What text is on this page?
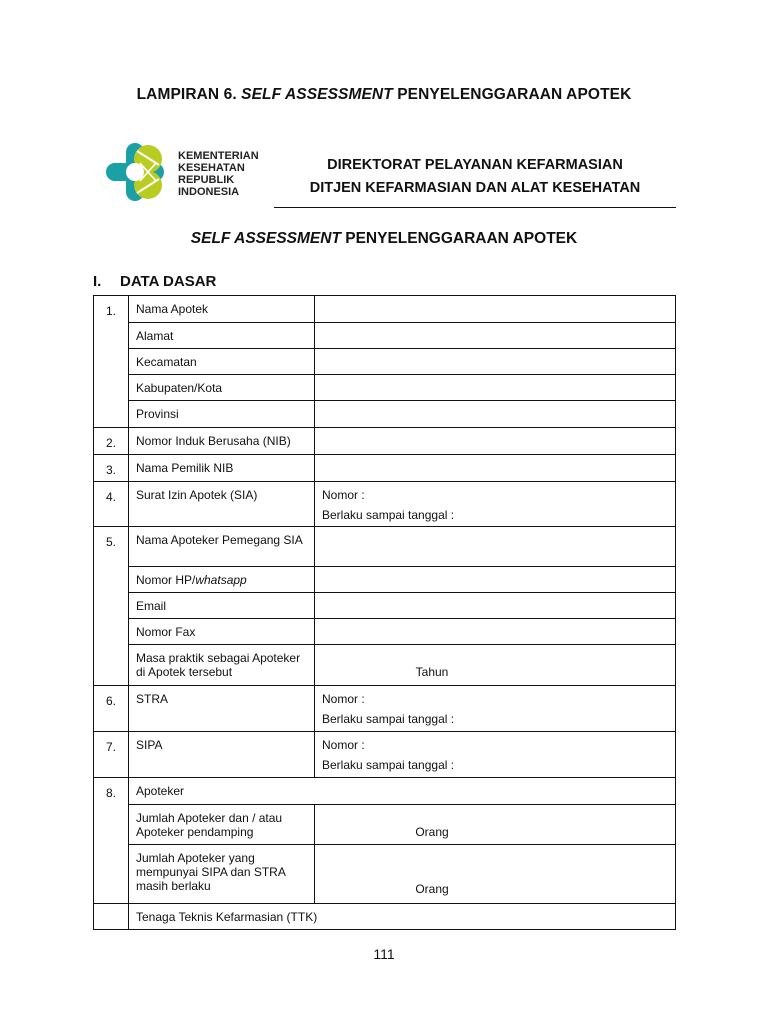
LAMPIRAN 6. SELF ASSESSMENT PENYELENGGARAAN APOTEK
KEMENTERIAN
KESEHATAN
REPUBLIK
INDONESIA
DIREKTORAT PELAYANAN KEFARMASIAN
DITJEN KEFARMASIAN DAN ALAT KESEHATAN
SELF ASSESSMENT PENYELENGGARAAN APOTEK
I. DATA DASAR
1.	Nama Apotek	
	Alamat	
	Kecamatan	
	Kabupaten/Kota	
	Provinsi	
2.	Nomor Induk Berusaha (NIB)	
3.	Nama Pemilik NIB	
4.	Surat Izin Apotek (SIA)	Nomor :
Berlaku sampai tanggal :

5.	Nama Apoteker Pemegang SIA	
	Nomor HP/whatsapp	
	Email	
	Nomor Fax	
	Masa praktik sebagai Apoteker di Apotek tersebut	Tahun

6.	STRA	Nomor :
Berlaku sampai tanggal :

7.	SIPA	Nomor :
Berlaku sampai tanggal :

8.	Apoteker	
	Jumlah Apoteker dan / atau Apoteker pendamping	Orang

	Jumlah Apoteker yang mempunyai SIPA dan STRA masih berlaku	Orang

	Tenaga Teknis Kefarmasian (TTK)	
111
